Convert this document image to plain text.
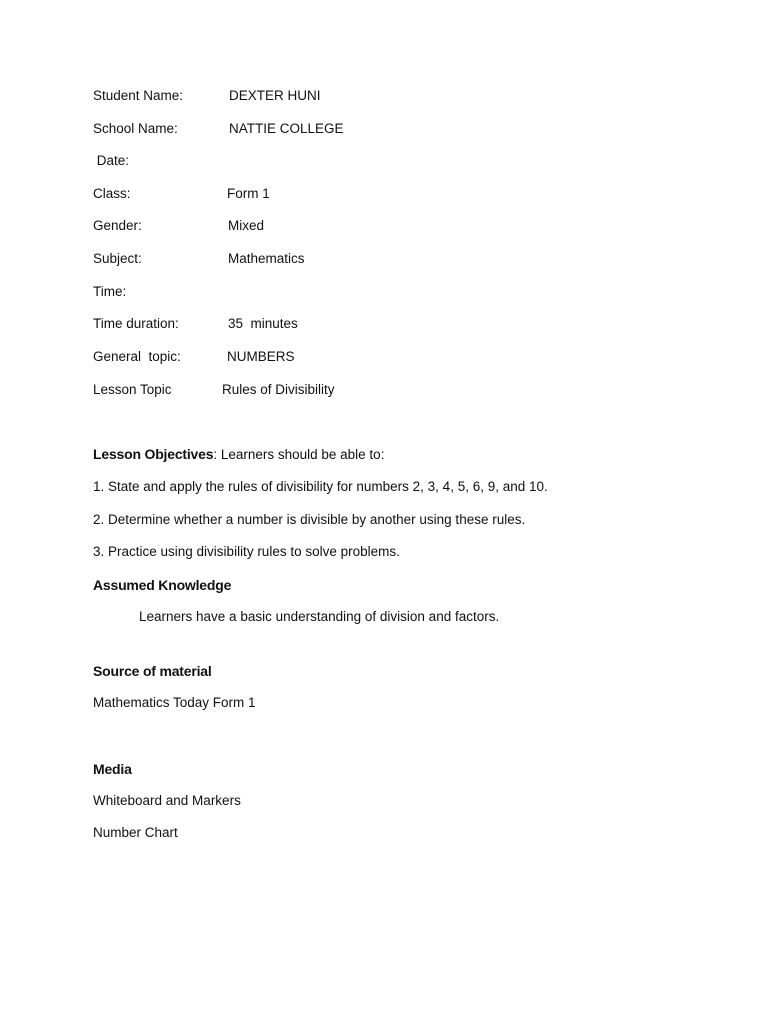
Student Name:	DEXTER HUNI
School Name:	NATTIE COLLEGE
Date:
Class:	Form 1
Gender:	Mixed
Subject:	Mathematics
Time:
Time duration:	35  minutes
General  topic:	NUMBERS
Lesson Topic	Rules of Divisibility
Lesson Objectives: Learners should be able to:
1. State and apply the rules of divisibility for numbers 2, 3, 4, 5, 6, 9, and 10.
2. Determine whether a number is divisible by another using these rules.
3. Practice using divisibility rules to solve problems.
Assumed Knowledge
Learners have a basic understanding of division and factors.
Source of material
Mathematics Today Form 1
Media
Whiteboard and Markers
Number Chart
